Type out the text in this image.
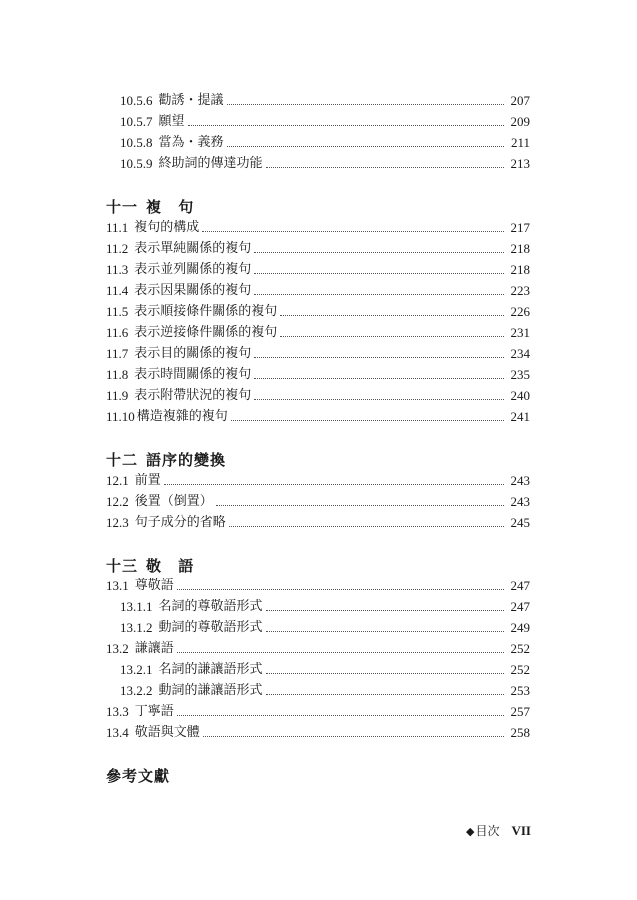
10.5.6 勸誘・提議	207
10.5.7 願望	209
10.5.8 當為・義務	211
10.5.9 終助詞的傳達功能	213
十一 複 句
11.1 複句的構成	217
11.2 表示單純關係的複句	218
11.3 表示並列關係的複句	218
11.4 表示因果關係的複句	223
11.5 表示順接條件關係的複句	226
11.6 表示逆接條件關係的複句	231
11.7 表示目的關係的複句	234
11.8 表示時間關係的複句	235
11.9 表示附帶狀況的複句	240
11.10 構造複雜的複句	241
十二 語序的變換
12.1 前置	243
12.2 後置（倒置）	243
12.3 句子成分的省略	245
十三 敬 語
13.1 尊敬語	247
13.1.1 名詞的尊敬語形式	247
13.1.2 動詞的尊敬語形式	249
13.2 謙讓語	252
13.2.1 名詞的謙讓語形式	252
13.2.2 動詞的謙讓語形式	253
13.3 丁寧語	257
13.4 敬語與文體	258
參考文獻
◆ 目次 VII
